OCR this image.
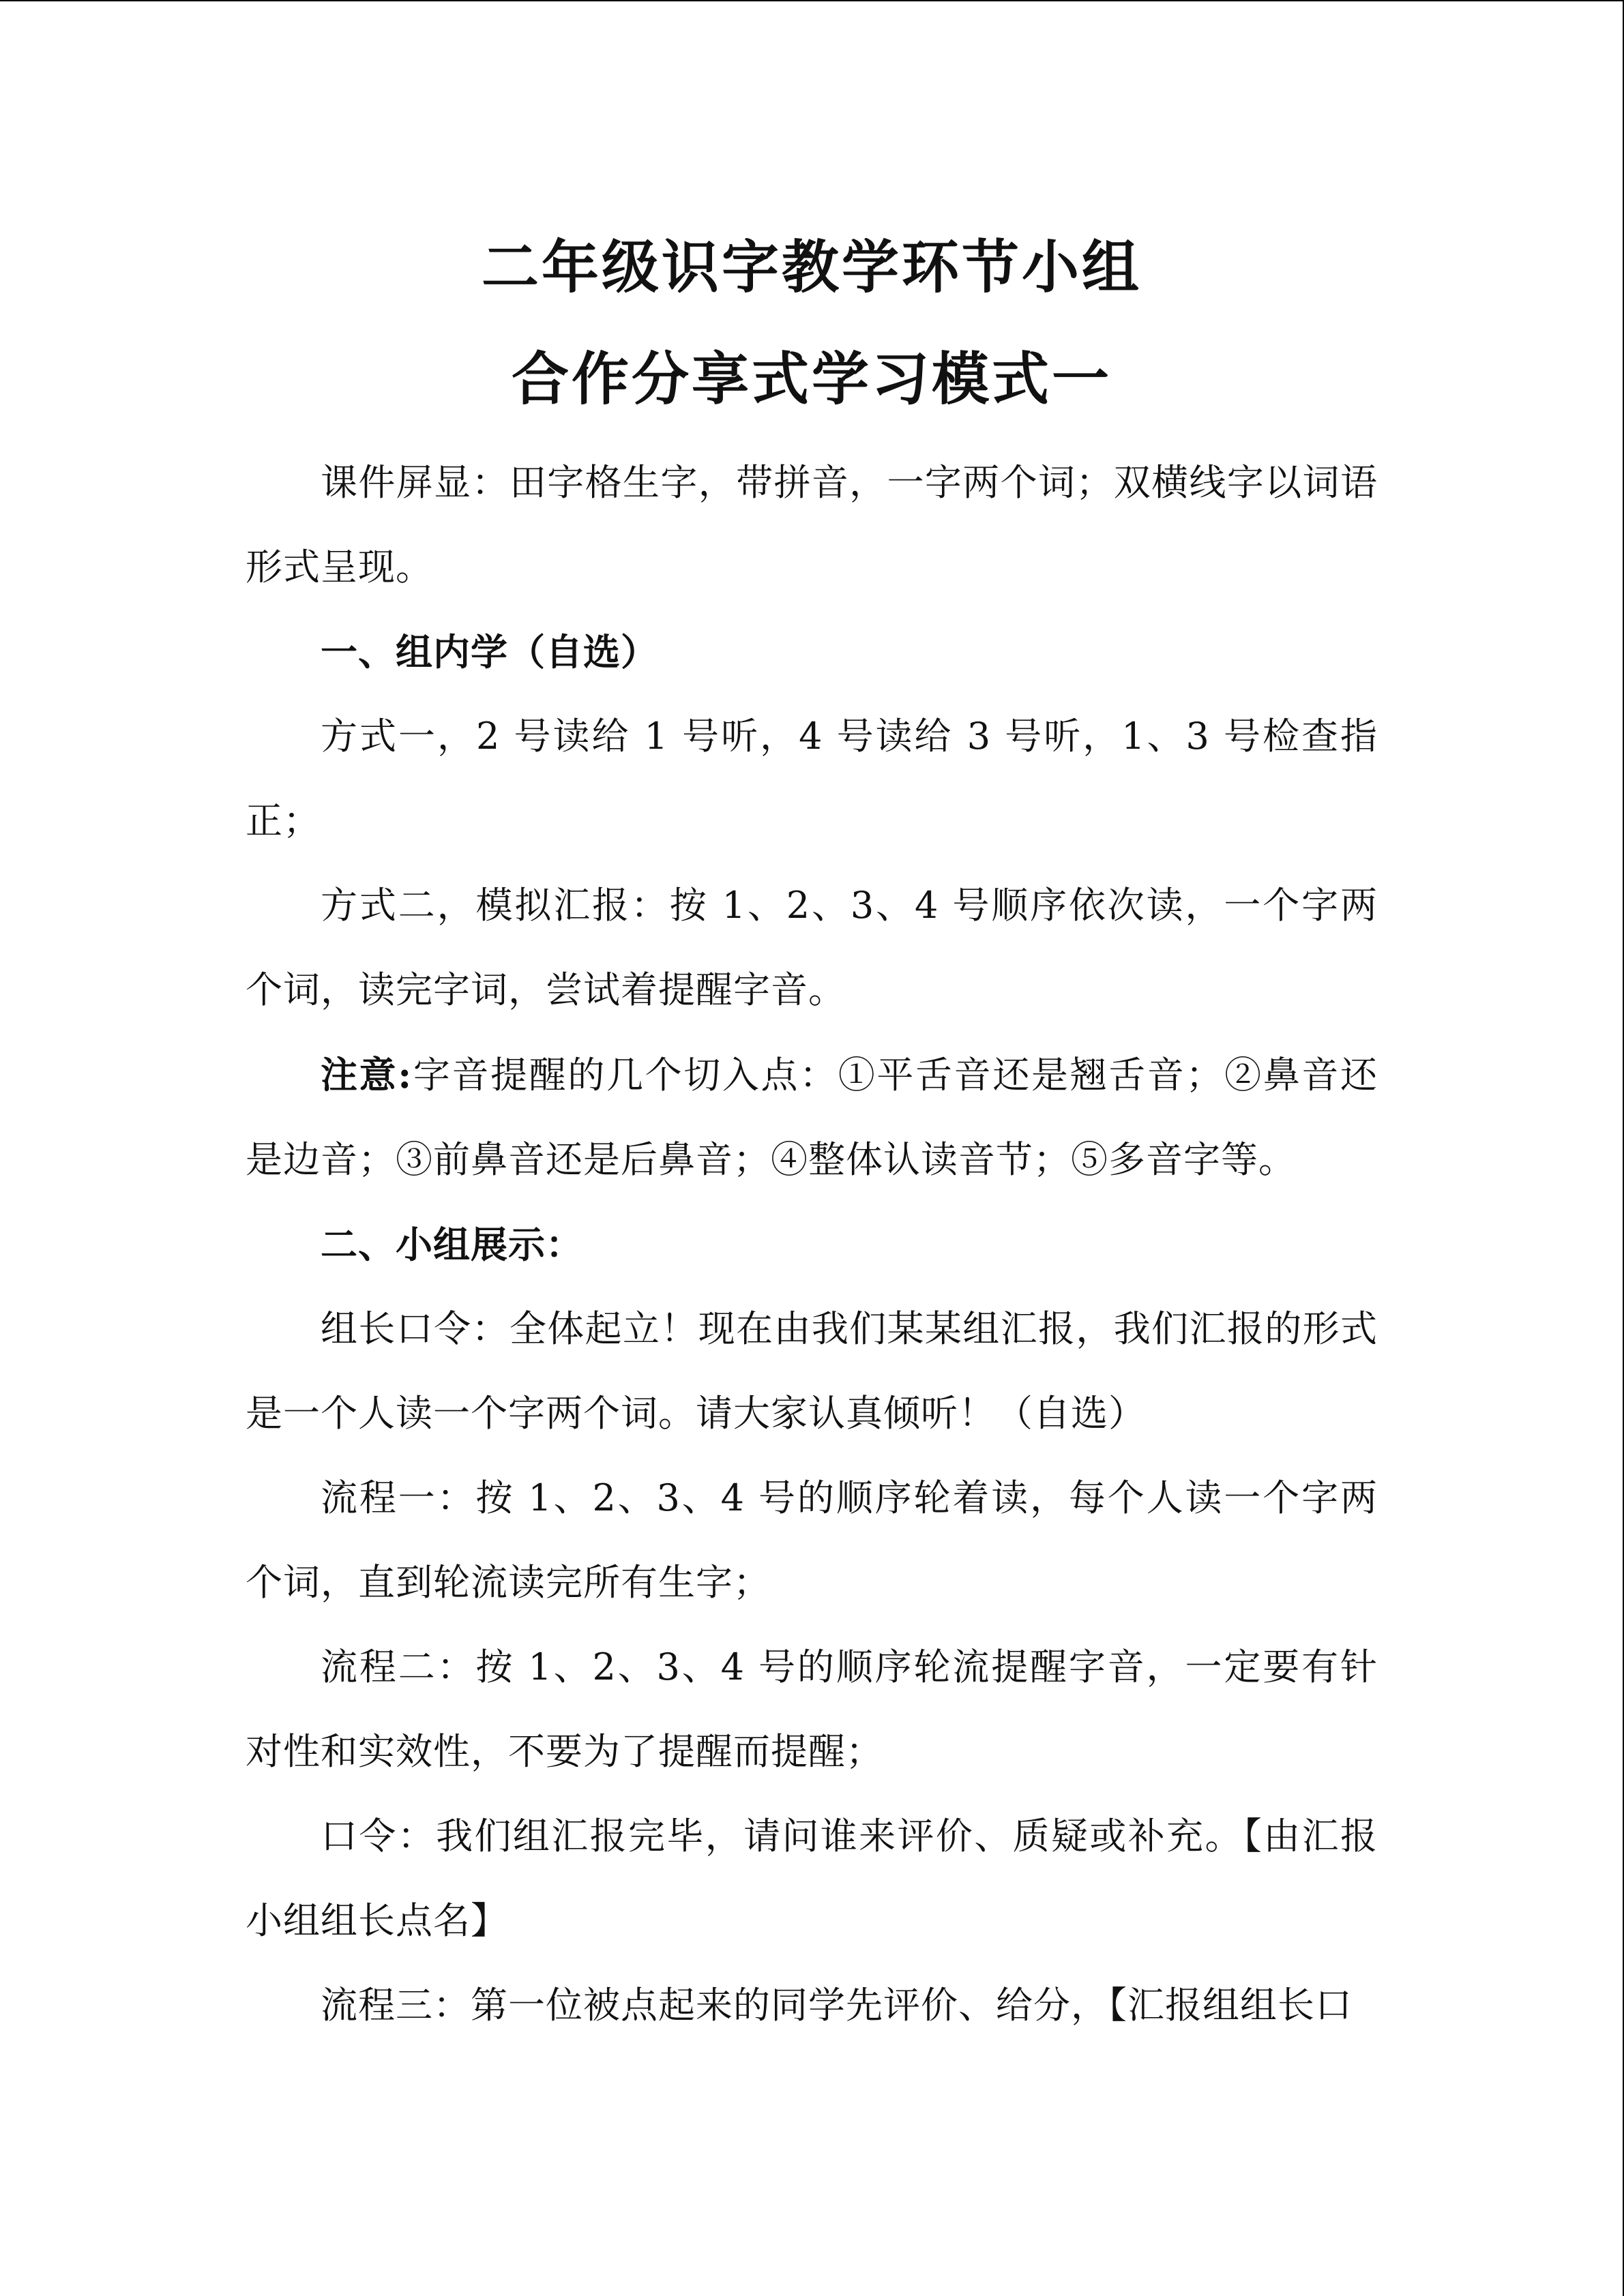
二年级识字教学环节小组
合作分享式学习模式一

课件屏显：田字格生字，带拼音，一字两个词；双横线字以词语形式呈现。

一、组内学（自选）

方式一，2 号读给 1 号听，4 号读给 3 号听，1、3 号检查指正；

方式二，模拟汇报：按 1、2、3、4 号顺序依次读，一个字两个词，读完字词，尝试着提醒字音。

注意:字音提醒的几个切入点：①平舌音还是翘舌音；②鼻音还是边音；③前鼻音还是后鼻音；④整体认读音节；⑤多音字等。

二、小组展示：

组长口令：全体起立！现在由我们某某组汇报，我们汇报的形式是一个人读一个字两个词。请大家认真倾听！（自选）

流程一：按 1、2、3、4 号的顺序轮着读，每个人读一个字两个词，直到轮流读完所有生字；

流程二：按 1、2、3、4 号的顺序轮流提醒字音，一定要有针对性和实效性，不要为了提醒而提醒；

口令：我们组汇报完毕，请问谁来评价、质疑或补充。【由汇报小组组长点名】

流程三：第一位被点起来的同学先评价、给分，【汇报组组长口
